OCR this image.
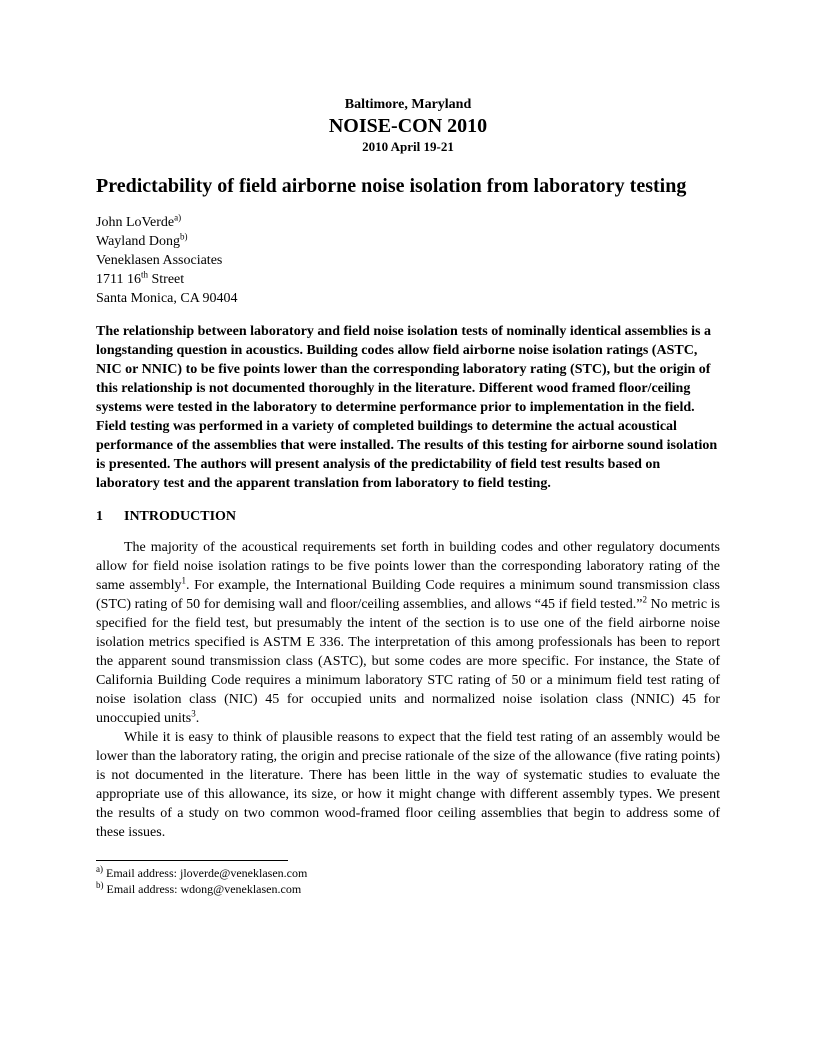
Baltimore, Maryland
NOISE-CON 2010
2010 April 19-21
Predictability of field airborne noise isolation from laboratory testing
John LoVerde$^{a)}$
Wayland Dong$^{b)}$
Veneklasen Associates
1711 16th Street
Santa Monica, CA 90404
The relationship between laboratory and field noise isolation tests of nominally identical assemblies is a longstanding question in acoustics. Building codes allow field airborne noise isolation ratings (ASTC, NIC or NNIC) to be five points lower than the corresponding laboratory rating (STC), but the origin of this relationship is not documented thoroughly in the literature. Different wood framed floor/ceiling systems were tested in the laboratory to determine performance prior to implementation in the field. Field testing was performed in a variety of completed buildings to determine the actual acoustical performance of the assemblies that were installed. The results of this testing for airborne sound isolation is presented. The authors will present analysis of the predictability of field test results based on laboratory test and the apparent translation from laboratory to field testing.
1 INTRODUCTION

The majority of the acoustical requirements set forth in building codes and other regulatory documents allow for field noise isolation ratings to be five points lower than the corresponding laboratory rating of the same assembly$^1$. For example, the International Building Code requires a minimum sound transmission class (STC) rating of 50 for demising wall and floor/ceiling assemblies, and allows “45 if field tested.”$^2$ No metric is specified for the field test, but presumably the intent of the section is to use one of the field airborne noise isolation metrics specified is ASTM E 336. The interpretation of this among professionals has been to report the apparent sound transmission class (ASTC), but some codes are more specific. For instance, the State of California Building Code requires a minimum laboratory STC rating of 50 or a minimum field test rating of noise isolation class (NIC) 45 for occupied units and normalized noise isolation class (NNIC) 45 for unoccupied units$^3$.

While it is easy to think of plausible reasons to expect that the field test rating of an assembly would be lower than the laboratory rating, the origin and precise rationale of the size of the allowance (five rating points) is not documented in the literature. There has been little in the way of systematic studies to evaluate the appropriate use of this allowance, its size, or how it might change with different assembly types. We present the results of a study on two common wood-framed floor ceiling assemblies that begin to address some of these issues.

$^{a)}$ Email address: jloverde@veneklasen.com
$^{b)}$ Email address: wdong@veneklasen.com
